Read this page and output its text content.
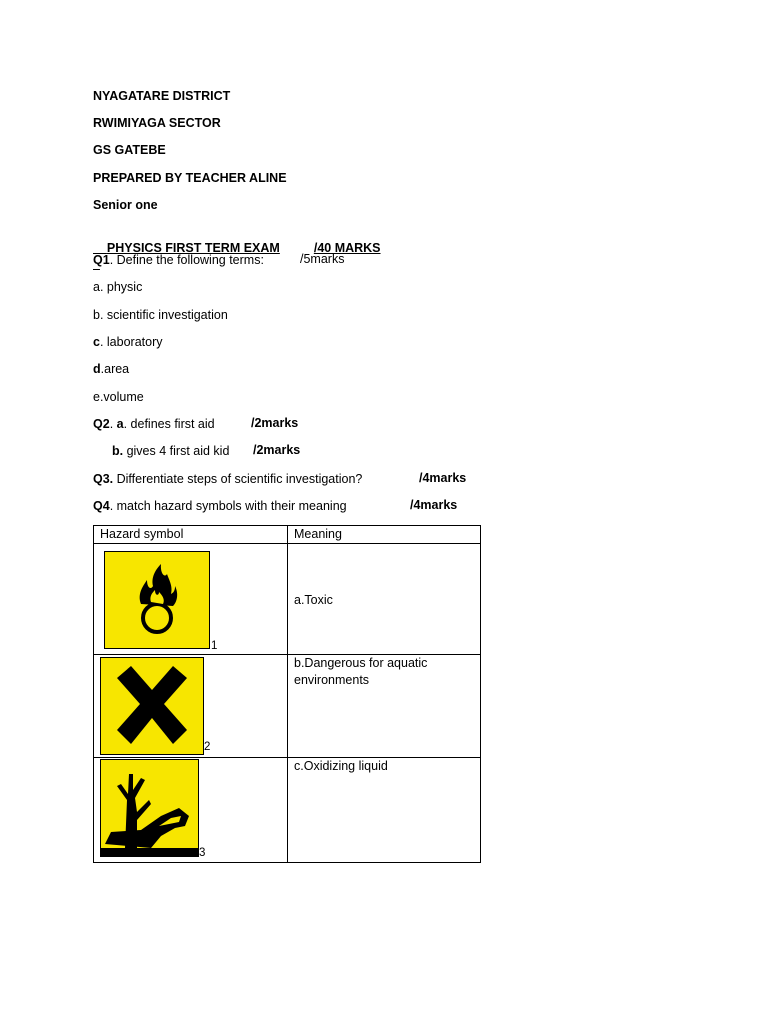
NYAGATARE DISTRICT
RWIMIYAGA SECTOR
GS GATEBE
PREPARED BY TEACHER ALINE
Senior one

PHYSICS FIRST TERM EXAM	/40 MARKS

Q1. Define the following terms:	/5marks
a. physic
b. scientific investigation
c. laboratory
d.area
e.volume
Q2. a. defines first aid	/2marks
b. gives 4 first aid kid /2marks
Q3. Differentiate steps of scientific investigation?	/4marks
Q4. match hazard symbols with their meaning	/4marks
Hazard symbol	Meaning

1	a.Toxic

2	b.Dangerous for aquatic environments

3	c.Oxidizing liquid
